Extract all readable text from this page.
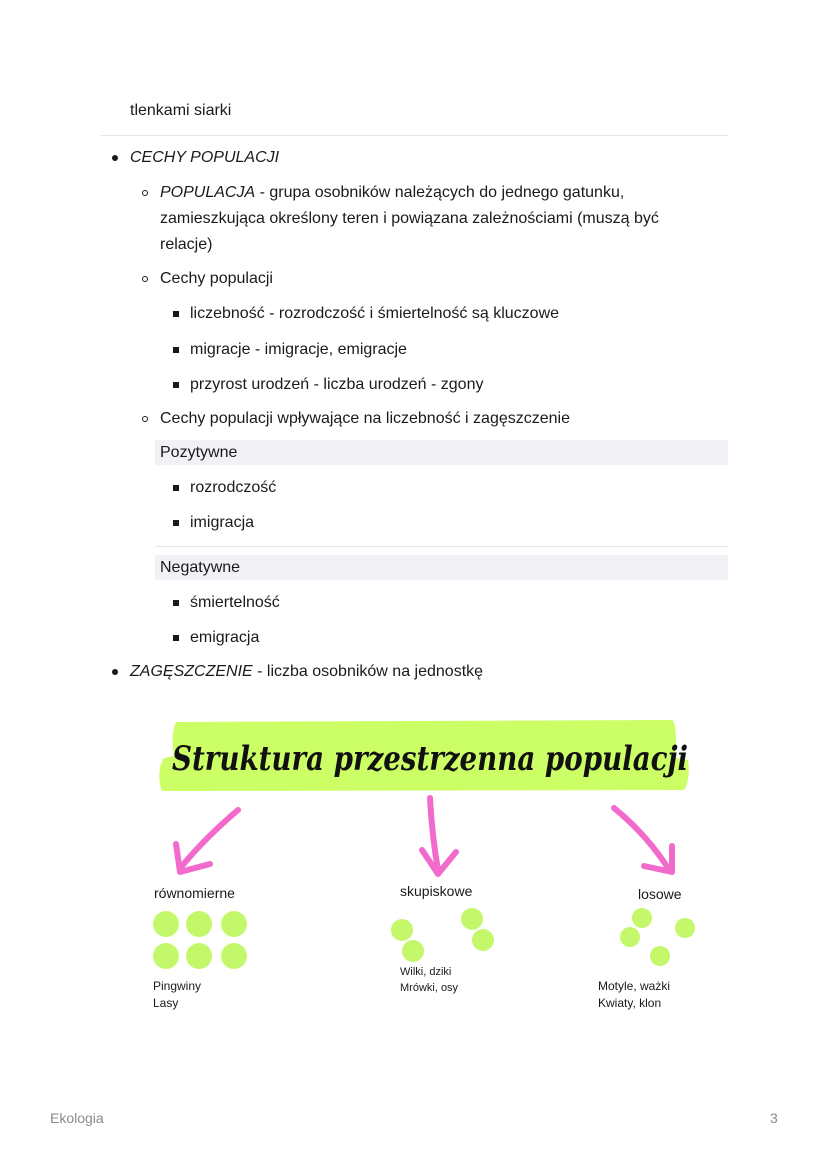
tlenkami siarki
CECHY POPULACJI
POPULACJA - grupa osobników należących do jednego gatunku, zamieszkująca określony teren i powiązana zależnościami (muszą być relacje)
Cechy populacji
liczebność - rozrodczość i śmiertelność są kluczowe
migracje - imigracje, emigracje
przyrost urodzeń - liczba urodzeń - zgony
Cechy populacji wpływające na liczebność i zagęszczenie
Pozytywne
rozrodczość
imigracja
Negatywne
śmiertelność
emigracja
ZAGĘSZCZENIE - liczba osobników na jednostkę
Struktura przestrzenna populacji
równomierne	skupiskowe	losowe
Pingwiny
Lasy
Wilki, dziki
Mrówki, osy	Motyle, ważki
Kwiaty, klon
Ekologia	3
